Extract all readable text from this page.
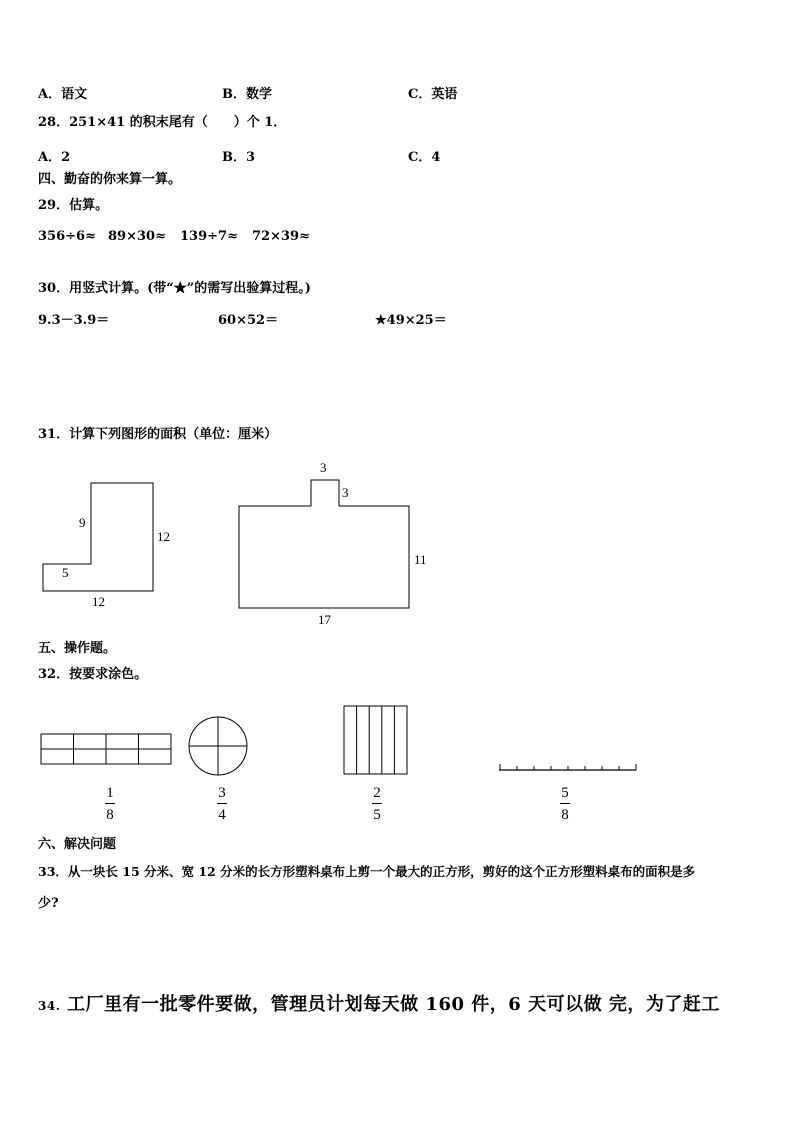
A．语文	B．数学	C．英语
28．251×41 的积末尾有（　　）个 1．
A．2	B．3	C．4
四、勤奋的你来算一算。
29．估算。
356÷6≈ 89×30≈ 139÷7≈ 72×39≈
30．用竖式计算。(带“★”的需写出验算过程。)
9.3－3.9＝	60×52＝	★49×25＝
31．计算下列图形的面积（单位：厘米）
9
12
5
12
3
3
11
17
五、操作题。
32．按要求涂色。
1
8
3
4
2
5
5
8
六、解决问题
33．从一块长 15 分米、宽 12 分米的长方形塑料桌布上剪一个最大的正方形，剪好的这个正方形塑料桌布的面积是多
少?
34. 工厂里有一批零件要做，管理员计划每天做 160 件，6 天可以做 完，为了赶工
